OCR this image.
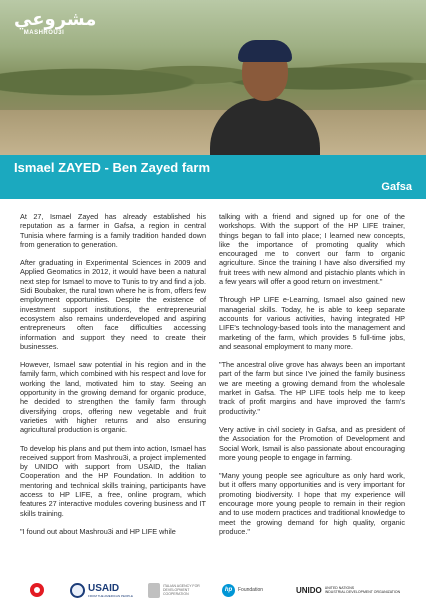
مشروعي
MASHROU3I
Ismael ZAYED - Ben Zayed farm
Gafsa

At 27, Ismael Zayed has already established his reputation as a farmer in Gafsa, a region in central Tunisia where farming is a family tradition handed down from generation to generation.

After graduating in Experimental Sciences in 2009 and Applied Geomatics in 2012, it would have been a natural next step for Ismael to move to Tunis to try and find a job. Sidi Boubaker, the rural town where he is from, offers few employment opportunities. Despite the existence of investment support institutions, the entrepreneurial ecosystem also remains underdeveloped and aspiring entrepreneurs often face difficulties accessing information and support they need to create their businesses.

However, Ismael saw potential in his region and in the family farm, which combined with his respect and love for working the land, motivated him to stay. Seeing an opportunity in the growing demand for organic produce, he decided to strengthen the family farm through diversifying crops, offering new vegetable and fruit varieties with higher returns and also ensuring agricultural production is organic.

To develop his plans and put them into action, Ismael has received support from Mashrou3i, a project implemented by UNIDO with support from USAID, the Italian Cooperation and the HP Foundation. In addition to mentoring and technical skills training, participants have access to HP LIFE, a free, online program, which features 27 interactive modules covering business and IT skills training.

"I found out about Mashrou3i and HP LIFE while

talking with a friend and signed up for one of the workshops. With the support of the HP LIFE trainer, things began to fall into place; I learned new concepts, like the importance of promoting quality which encouraged me to convert our farm to organic agriculture. Since the training I have also diversified my fruit trees with new almond and pistachio plants which in a few years will offer a good return on investment."

Through HP LIFE e-Learning, Ismael also gained new managerial skills. Today, he is able to keep separate accounts for various activities, having integrated HP LIFE's technology-based tools into the management and marketing of the farm, which provides 5 full-time jobs, and seasonal employment to many more.

"The ancestral olive grove has always been an important part of the farm but since I've joined the family business we are meeting a growing demand from the wholesale market in Gafsa. The HP LIFE tools help me to keep track of profit margins and have improved the farm's productivity."

Very active in civil society in Gafsa, and as president of the Association for the Promotion of Development and Social Work, Ismail is also passionate about encouraging more young people to engage in farming.

"Many young people see agriculture as only hard work, but it offers many opportunities and is very important for promoting biodiversity. I hope that my experience will encourage more young people to remain in their region and to use modern practices and traditional knowledge to meet the growing demand for high quality, organic produce."

USAID
FROM THE AMERICAN PEOPLE
ITALIAN AGENCY FOR DEVELOPMENT COOPERATION
hp	Foundation	UNIDO UNITED NATIONS
INDUSTRIAL DEVELOPMENT ORGANIZATION
